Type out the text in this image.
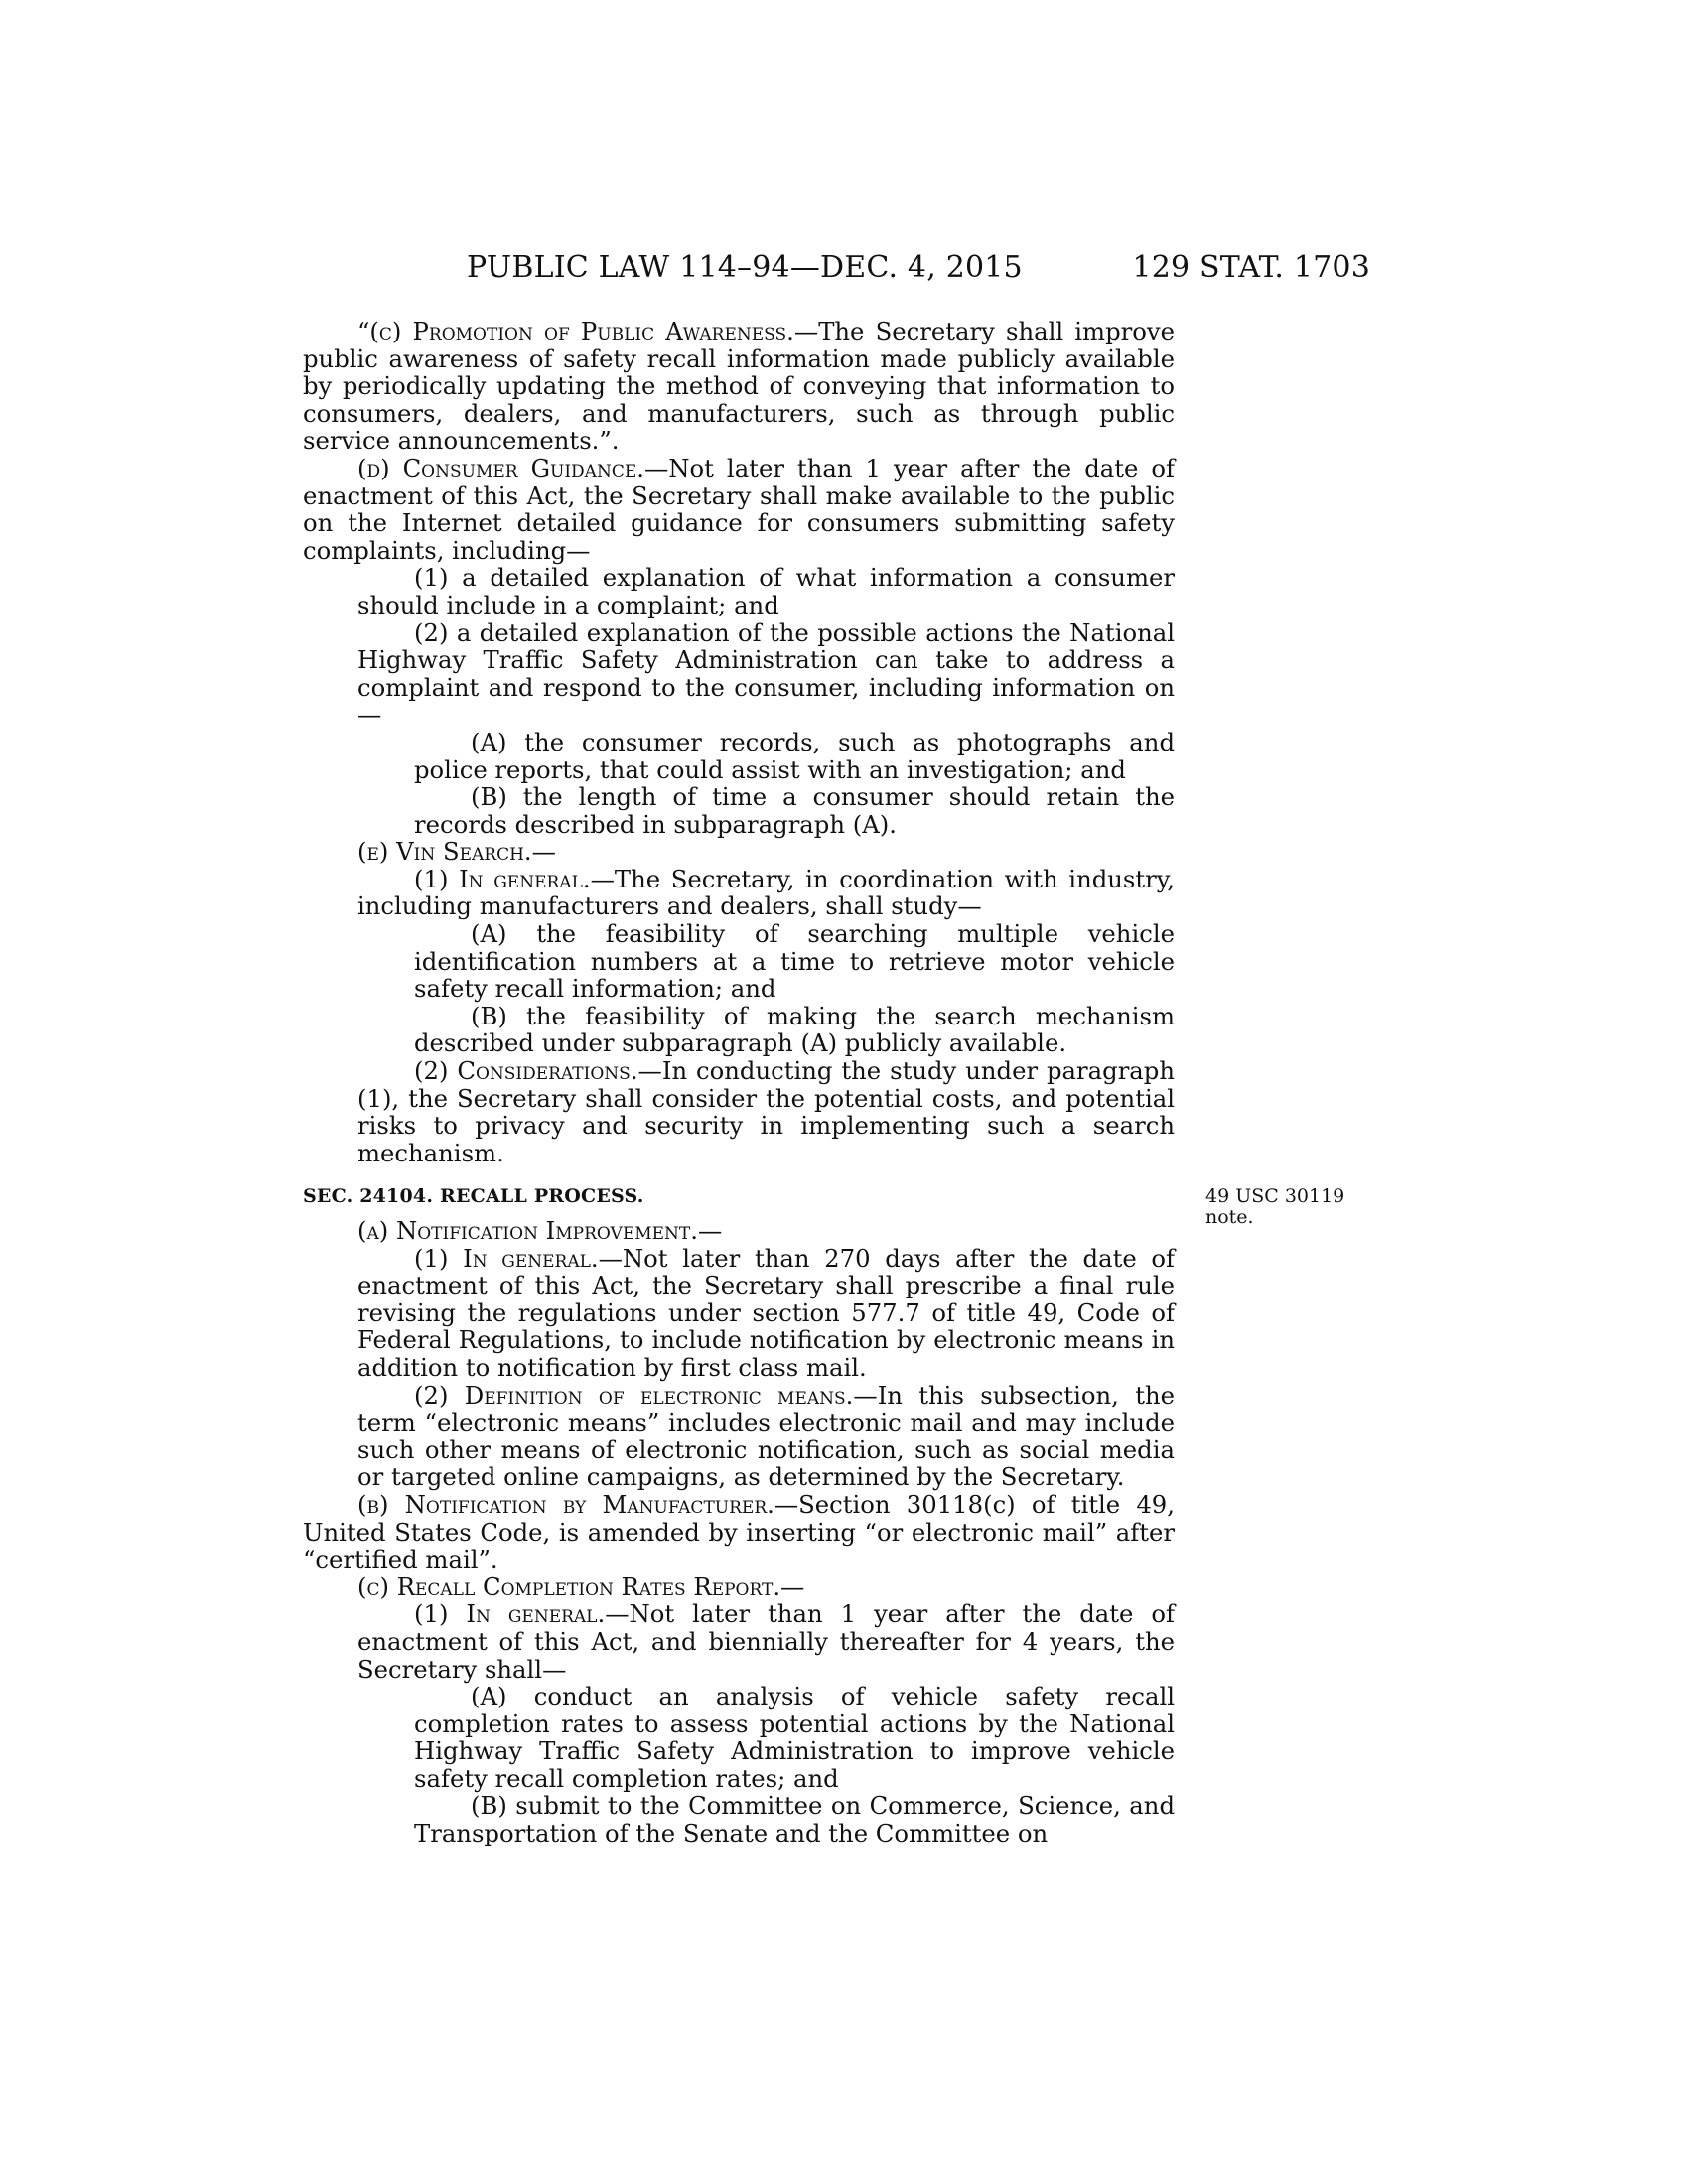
PUBLIC LAW 114–94—DEC. 4, 2015	129 STAT. 1703
49 USC 30119
note.

“(c) Promotion of Public Awareness.—The Secretary shall improve public awareness of safety recall information made publicly available by periodically updating the method of conveying that information to consumers, dealers, and manufacturers, such as through public service announcements.”.

(d) Consumer Guidance.—Not later than 1 year after the date of enactment of this Act, the Secretary shall make available to the public on the Internet detailed guidance for consumers submitting safety complaints, including—

(1) a detailed explanation of what information a consumer should include in a complaint; and

(2) a detailed explanation of the possible actions the National Highway Traffic Safety Administration can take to address a complaint and respond to the consumer, including information on—

(A) the consumer records, such as photographs and police reports, that could assist with an investigation; and

(B) the length of time a consumer should retain the records described in subparagraph (A).

(e) Vin Search.—

(1) In general.—The Secretary, in coordination with industry, including manufacturers and dealers, shall study—

(A) the feasibility of searching multiple vehicle identification numbers at a time to retrieve motor vehicle safety recall information; and

(B) the feasibility of making the search mechanism described under subparagraph (A) publicly available.

(2) Considerations.—In conducting the study under paragraph (1), the Secretary shall consider the potential costs, and potential risks to privacy and security in implementing such a search mechanism.

SEC. 24104. RECALL PROCESS.

(a) Notification Improvement.—

(1) In general.—Not later than 270 days after the date of enactment of this Act, the Secretary shall prescribe a final rule revising the regulations under section 577.7 of title 49, Code of Federal Regulations, to include notification by electronic means in addition to notification by first class mail.

(2) Definition of electronic means.—In this subsection, the term “electronic means” includes electronic mail and may include such other means of electronic notification, such as social media or targeted online campaigns, as determined by the Secretary.

(b) Notification by Manufacturer.—Section 30118(c) of title 49, United States Code, is amended by inserting “or electronic mail” after “certified mail”.

(c) Recall Completion Rates Report.—

(1) In general.—Not later than 1 year after the date of enactment of this Act, and biennially thereafter for 4 years, the Secretary shall—

(A) conduct an analysis of vehicle safety recall completion rates to assess potential actions by the National Highway Traffic Safety Administration to improve vehicle safety recall completion rates; and

(B) submit to the Committee on Commerce, Science, and Transportation of the Senate and the Committee on
